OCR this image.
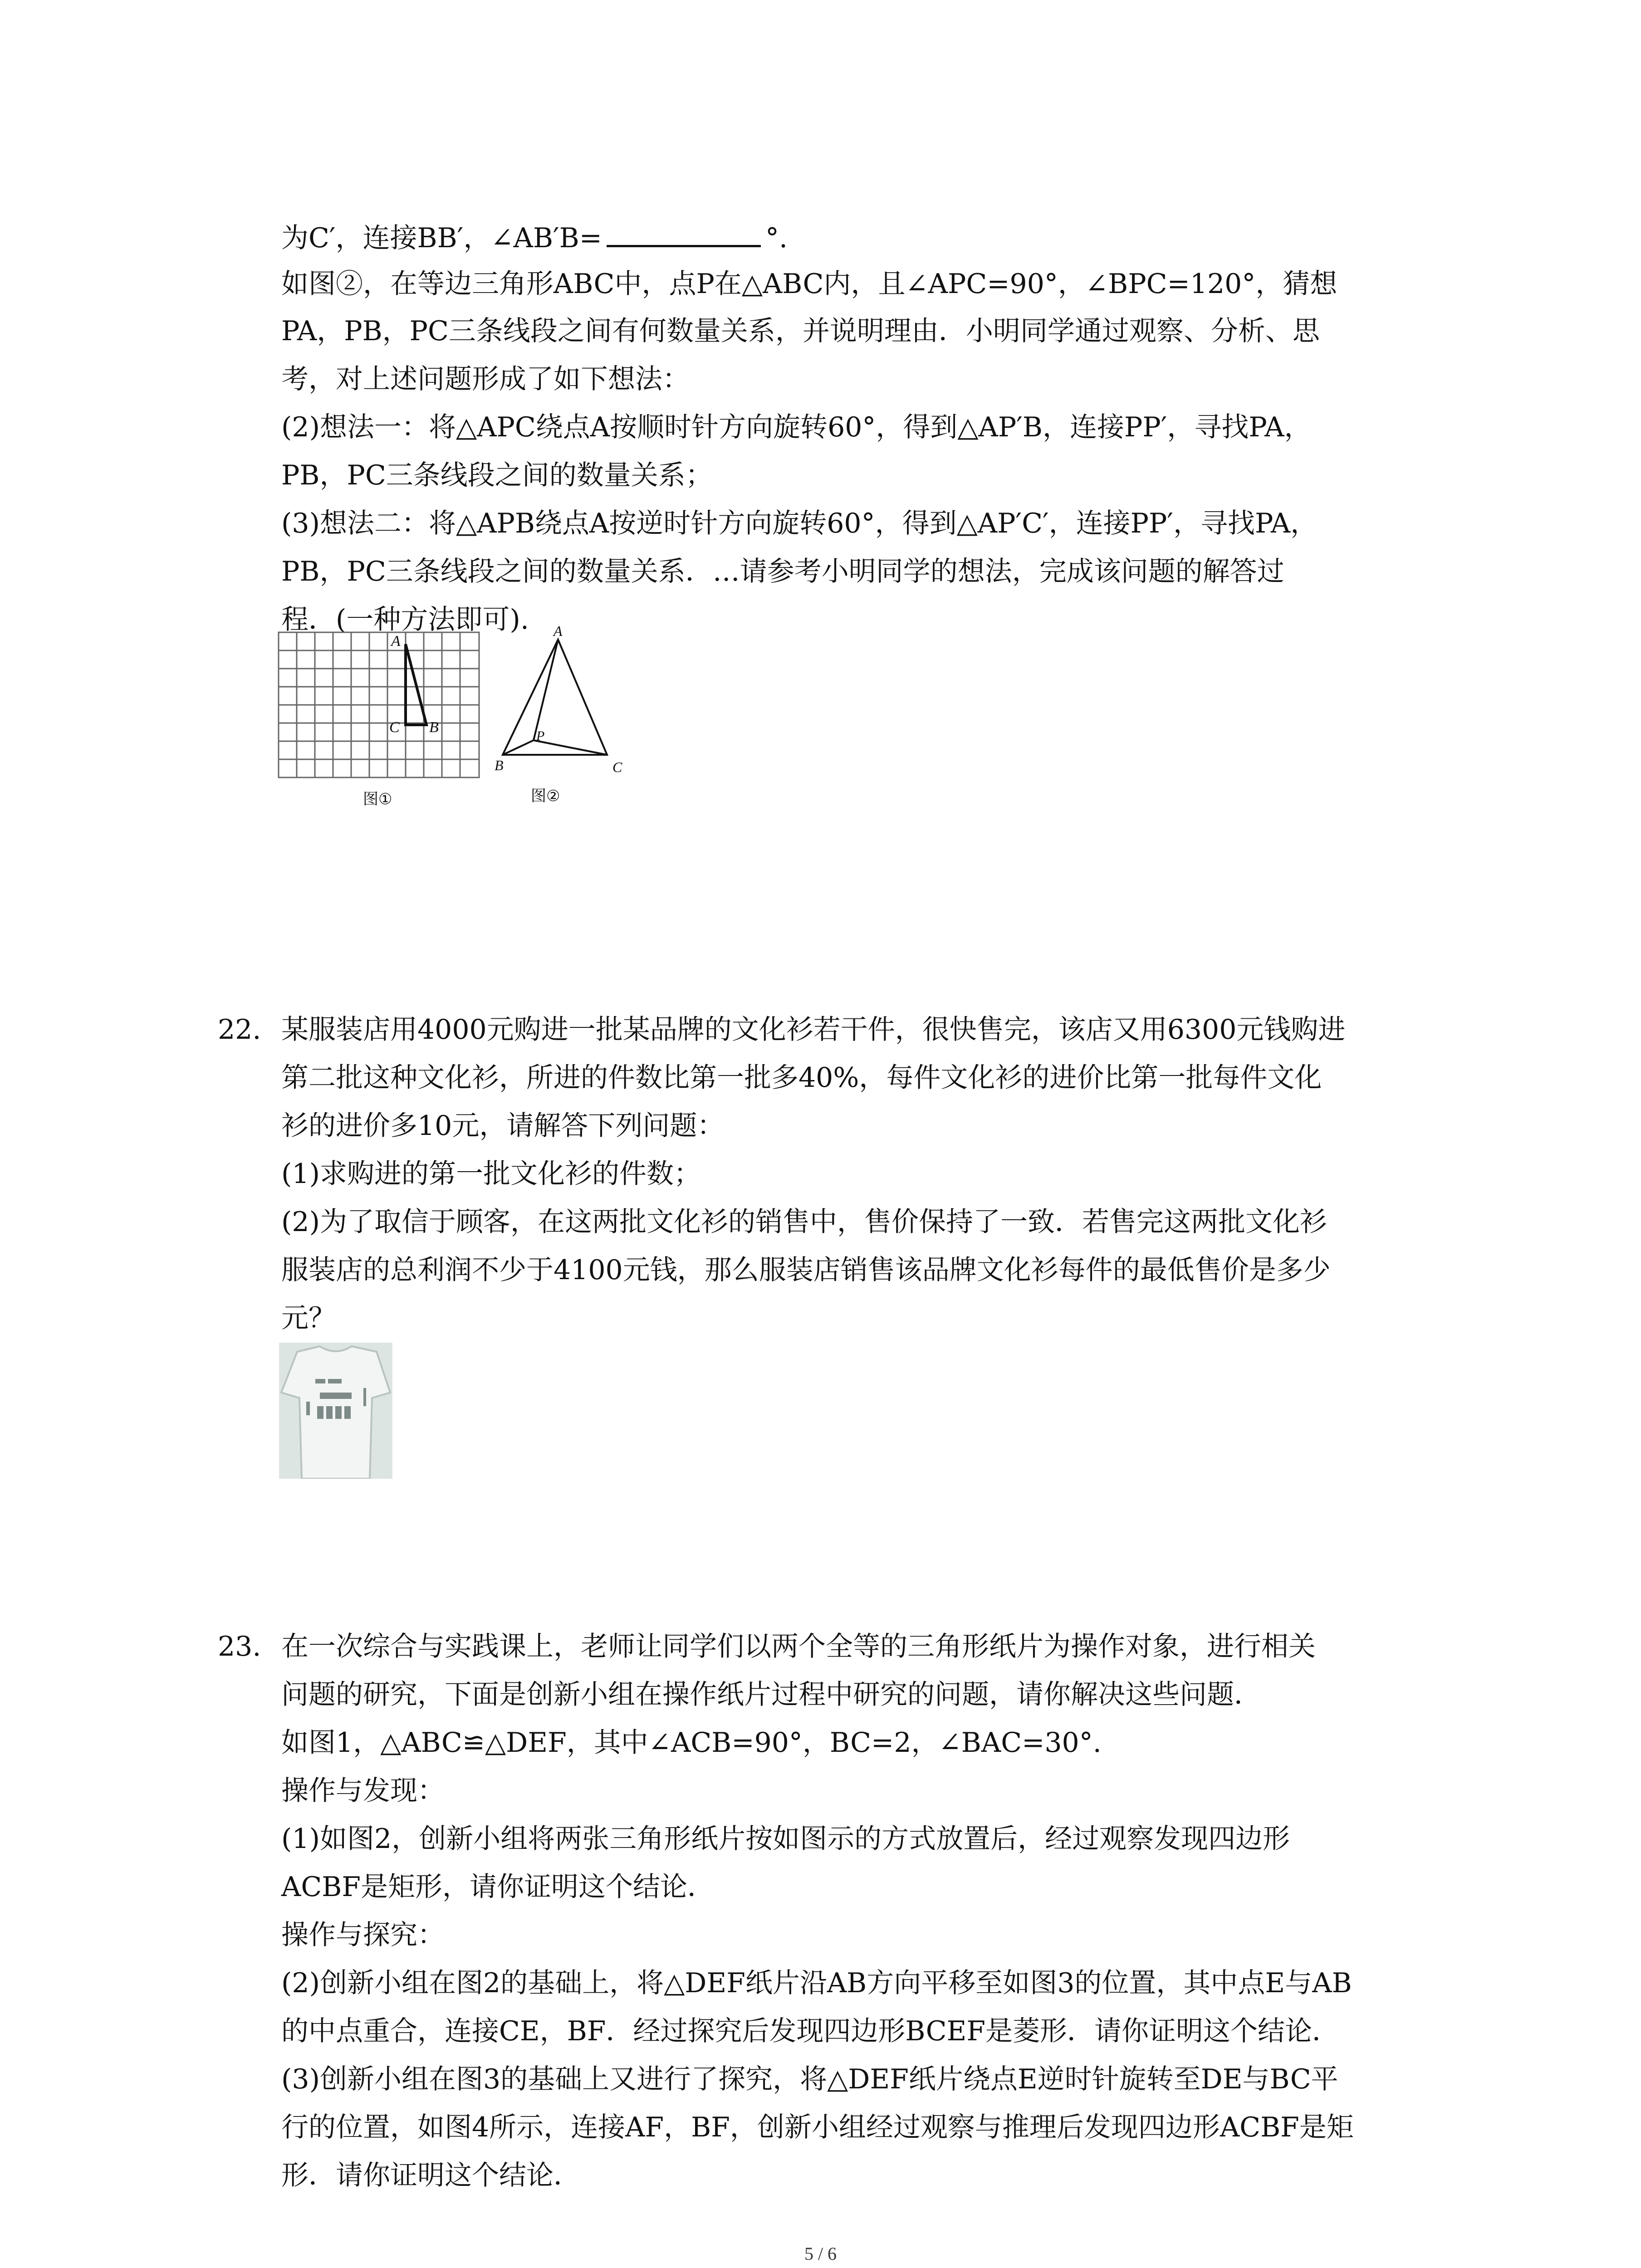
为C′，连接BB′，∠AB′B=	°.
如图②，在等边三角形ABC中，点P在△ABC内，且∠APC=90°，∠BPC=120°，猜想
PA，PB，PC三条线段之间有何数量关系，并说明理由．小明同学通过观察、分析、思
考，对上述问题形成了如下想法：
(2)想法一：将△APC绕点A按顺时针方向旋转60°，得到△AP′B，连接PP′，寻找PA，
PB，PC三条线段之间的数量关系；
(3)想法二：将△APB绕点A按逆时针方向旋转60°，得到△AP′C′，连接PP′，寻找PA，
PB，PC三条线段之间的数量关系．…请参考小明同学的想法，完成该问题的解答过
程．(一种方法即可).
A
C B
图①
A
B	C
P
图②
22. 某服装店用4000元购进一批某品牌的文化衫若干件，很快售完，该店又用6300元钱购进
第二批这种文化衫，所进的件数比第一批多40%，每件文化衫的进价比第一批每件文化
衫的进价多10元，请解答下列问题：
(1)求购进的第一批文化衫的件数；
(2)为了取信于顾客，在这两批文化衫的销售中，售价保持了一致．若售完这两批文化衫
服装店的总利润不少于4100元钱，那么服装店销售该品牌文化衫每件的最低售价是多少
元？
23. 在一次综合与实践课上，老师让同学们以两个全等的三角形纸片为操作对象，进行相关
问题的研究，下面是创新小组在操作纸片过程中研究的问题，请你解决这些问题．
如图1，△ABC≌△DEF，其中∠ACB=90°，BC=2，∠BAC=30°.
操作与发现：
(1)如图2，创新小组将两张三角形纸片按如图示的方式放置后，经过观察发现四边形
ACBF是矩形，请你证明这个结论．
操作与探究：
(2)创新小组在图2的基础上，将△DEF纸片沿AB方向平移至如图3的位置，其中点E与AB
的中点重合，连接CE，BF．经过探究后发现四边形BCEF是菱形．请你证明这个结论．
(3)创新小组在图3的基础上又进行了探究，将△DEF纸片绕点E逆时针旋转至DE与BC平
行的位置，如图4所示，连接AF，BF，创新小组经过观察与推理后发现四边形ACBF是矩
形．请你证明这个结论．
5 / 6
